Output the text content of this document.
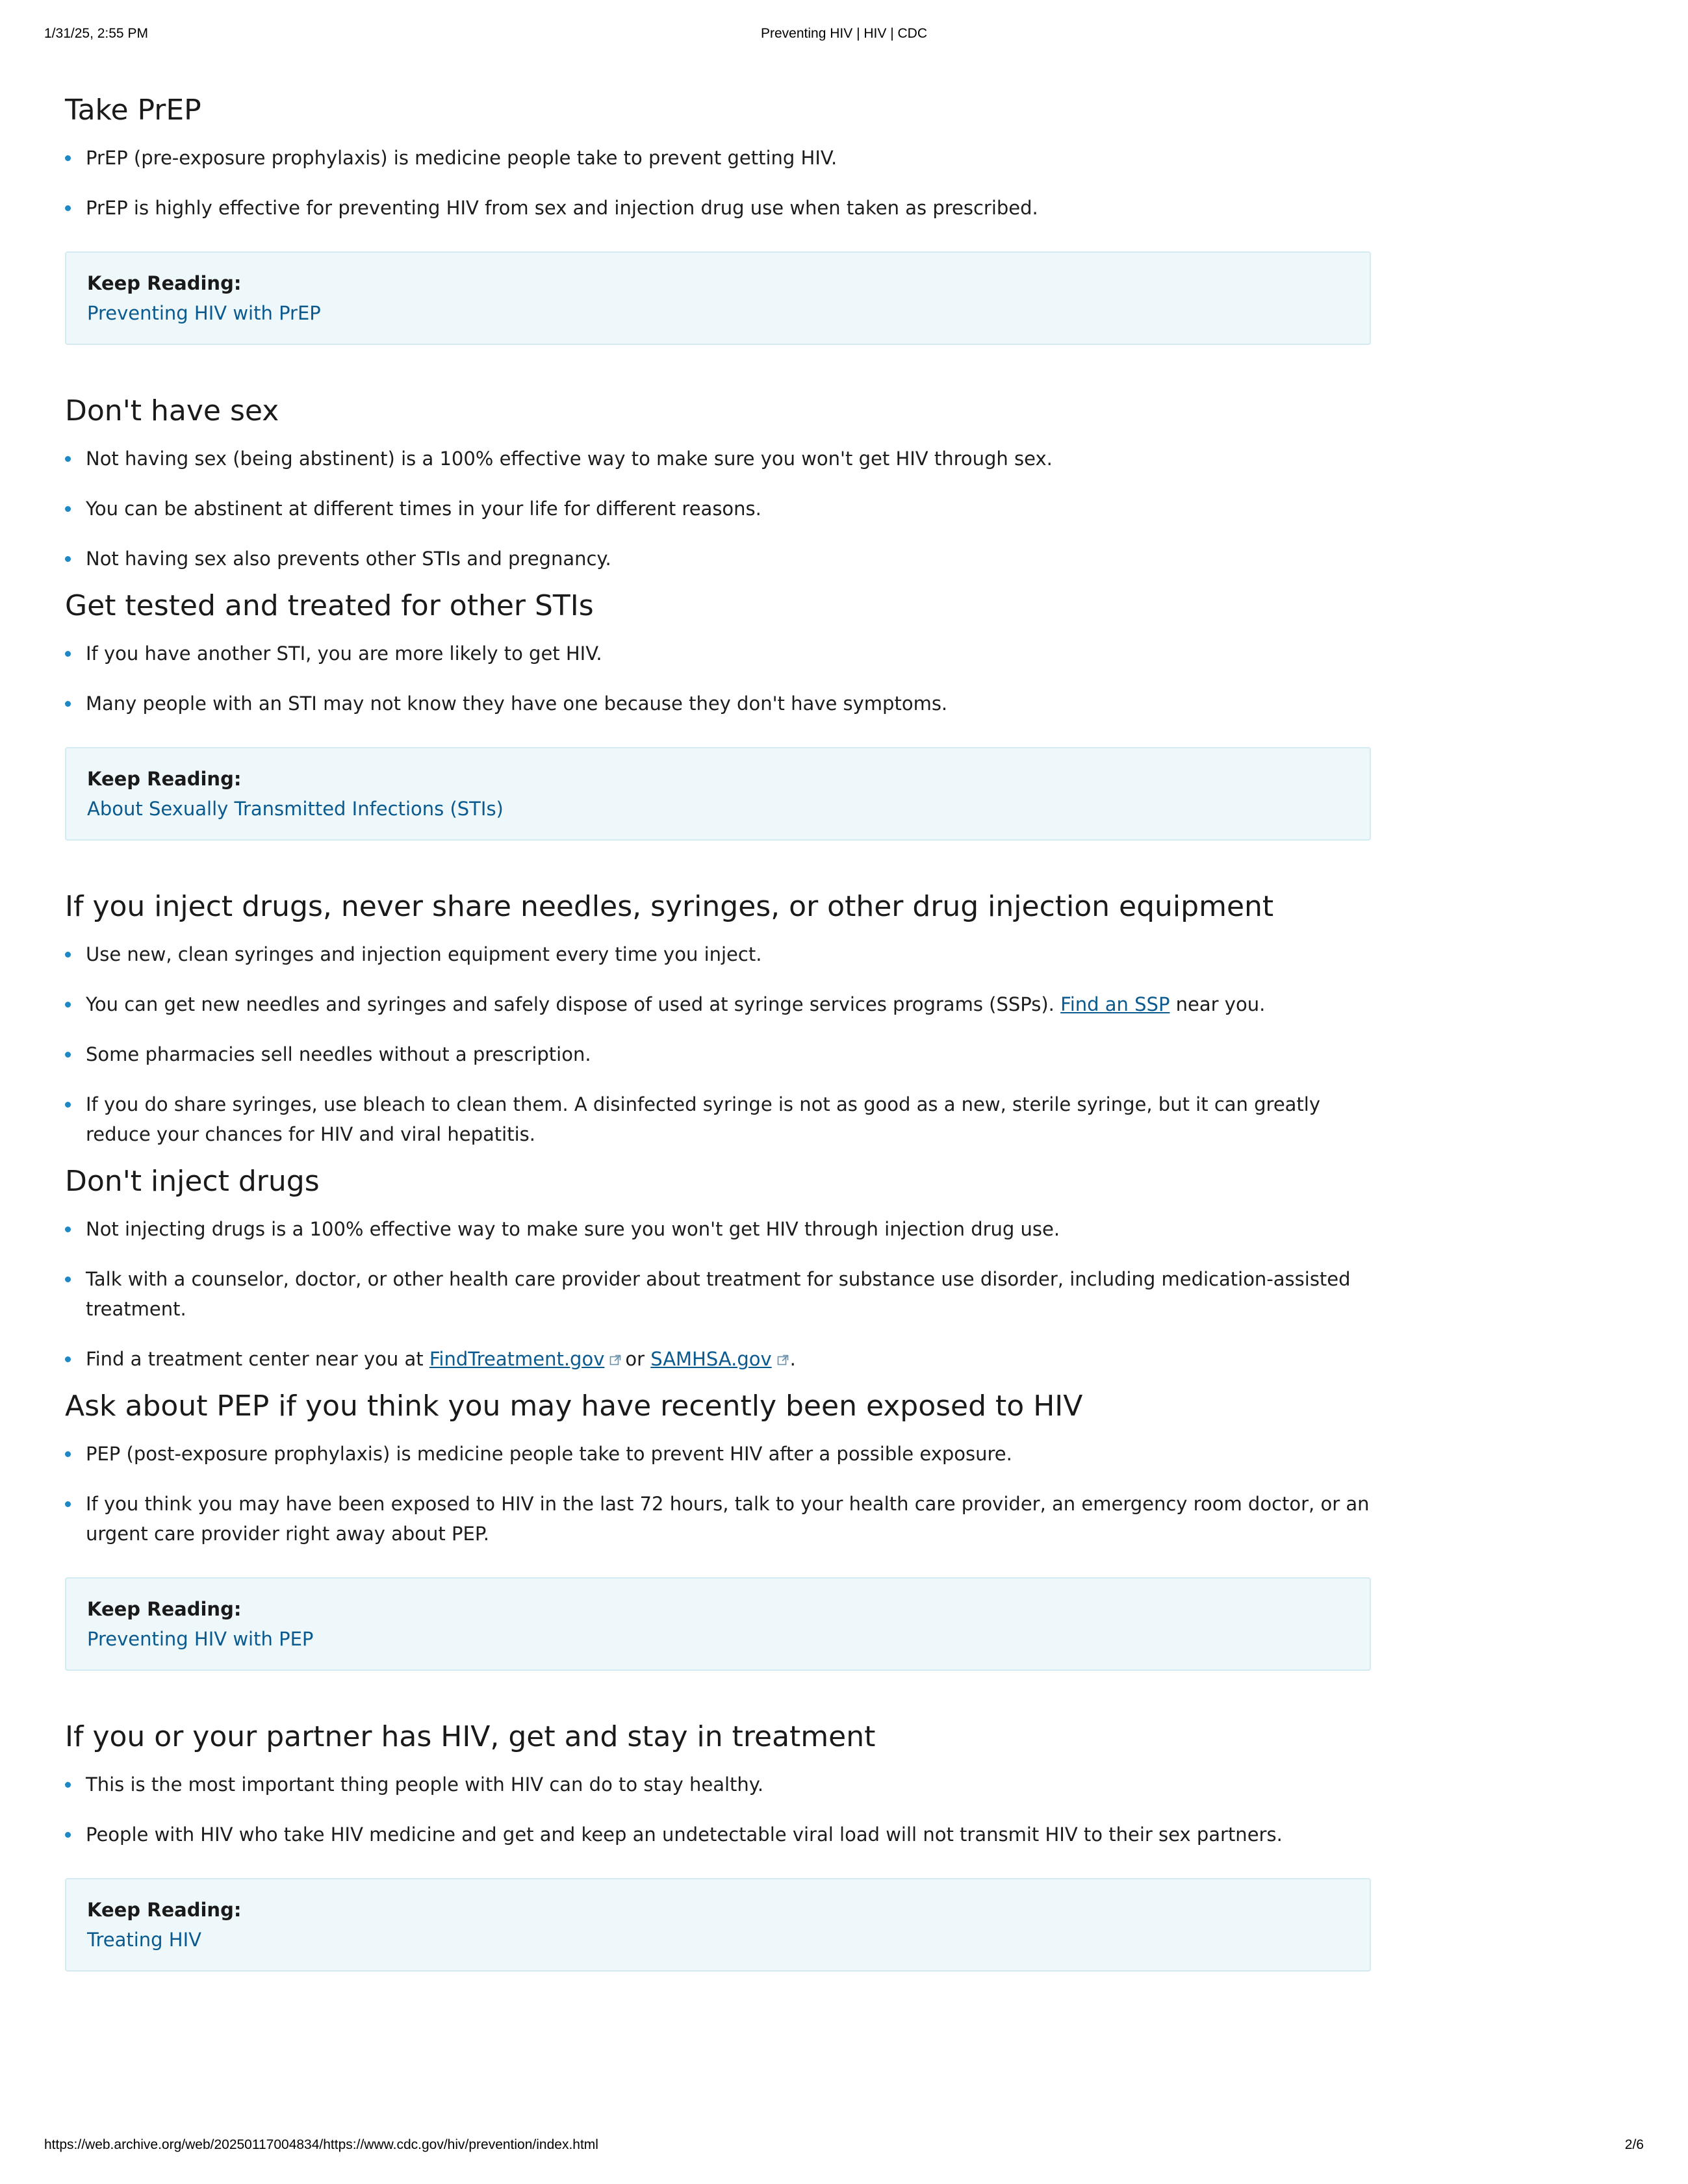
1/31/25, 2:55 PM	Preventing HIV | HIV | CDC
Take PrEP
PrEP (pre-exposure prophylaxis) is medicine people take to prevent getting HIV.
PrEP is highly effective for preventing HIV from sex and injection drug use when taken as prescribed.
Keep Reading:
Preventing HIV with PrEP
Don't have sex
Not having sex (being abstinent) is a 100% effective way to make sure you won't get HIV through sex.
You can be abstinent at different times in your life for different reasons.
Not having sex also prevents other STIs and pregnancy.
Get tested and treated for other STIs
If you have another STI, you are more likely to get HIV.
Many people with an STI may not know they have one because they don't have symptoms.
Keep Reading:
About Sexually Transmitted Infections (STIs)
If you inject drugs, never share needles, syringes, or other drug injection equipment
Use new, clean syringes and injection equipment every time you inject.
You can get new needles and syringes and safely dispose of used at syringe services programs (SSPs). Find an SSP near you.
Some pharmacies sell needles without a prescription.
If you do share syringes, use bleach to clean them. A disinfected syringe is not as good as a new, sterile syringe, but it can greatly reduce your chances for HIV and viral hepatitis.
Don't inject drugs
Not injecting drugs is a 100% effective way to make sure you won't get HIV through injection drug use.
Talk with a counselor, doctor, or other health care provider about treatment for substance use disorder, including medication-assisted treatment.
Find a treatment center near you at FindTreatment.gov or SAMHSA.gov .
Ask about PEP if you think you may have recently been exposed to HIV
PEP (post-exposure prophylaxis) is medicine people take to prevent HIV after a possible exposure.
If you think you may have been exposed to HIV in the last 72 hours, talk to your health care provider, an emergency room doctor, or an urgent care provider right away about PEP.
Keep Reading:
Preventing HIV with PEP
If you or your partner has HIV, get and stay in treatment
This is the most important thing people with HIV can do to stay healthy.
People with HIV who take HIV medicine and get and keep an undetectable viral load will not transmit HIV to their sex partners.
Keep Reading:
Treating HIV
https://web.archive.org/web/20250117004834/https://www.cdc.gov/hiv/prevention/index.html	2/6
